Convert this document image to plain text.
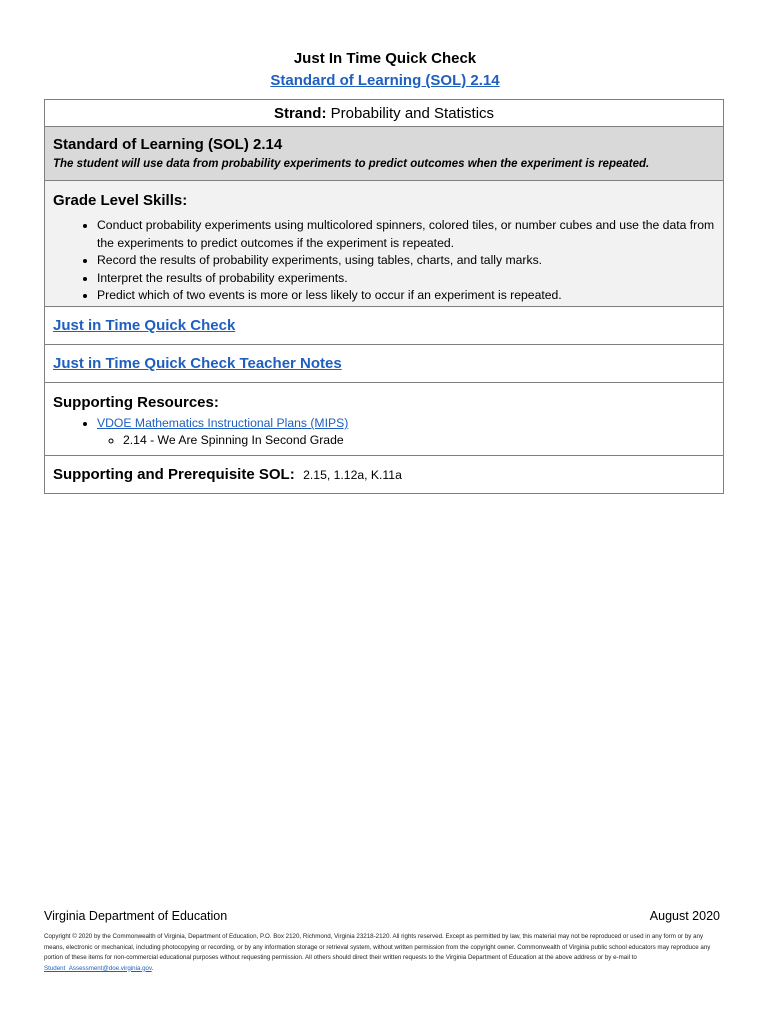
Just In Time Quick Check
Standard of Learning (SOL) 2.14
Strand: Probability and Statistics
Standard of Learning (SOL) 2.14
The student will use data from probability experiments to predict outcomes when the experiment is repeated.
Grade Level Skills:
• Conduct probability experiments using multicolored spinners, colored tiles, or number cubes and use the data from the experiments to predict outcomes if the experiment is repeated.
• Record the results of probability experiments, using tables, charts, and tally marks.
• Interpret the results of probability experiments.
• Predict which of two events is more or less likely to occur if an experiment is repeated.
Just in Time Quick Check
Just in Time Quick Check Teacher Notes
Supporting Resources:
• VDOE Mathematics Instructional Plans (MIPS)
◦ 2.14 - We Are Spinning In Second Grade
Supporting and Prerequisite SOL: 2.15, 1.12a, K.11a
Virginia Department of Education	August 2020
Copyright © 2020 by the Commonwealth of Virginia, Department of Education, P.O. Box 2120, Richmond, Virginia 23218-2120. All rights reserved. Except as permitted by law, this material may not be reproduced or used in any form or by any means, electronic or mechanical, including photocopying or recording, or by any information storage or retrieval system, without written permission from the copyright owner. Commonwealth of Virginia public school educators may reproduce any portion of these items for non-commercial educational purposes without requesting permission. All others should direct their written requests to the Virginia Department of Education at the above address or by e-mail to Student_Assessment@doe.virginia.gov.
